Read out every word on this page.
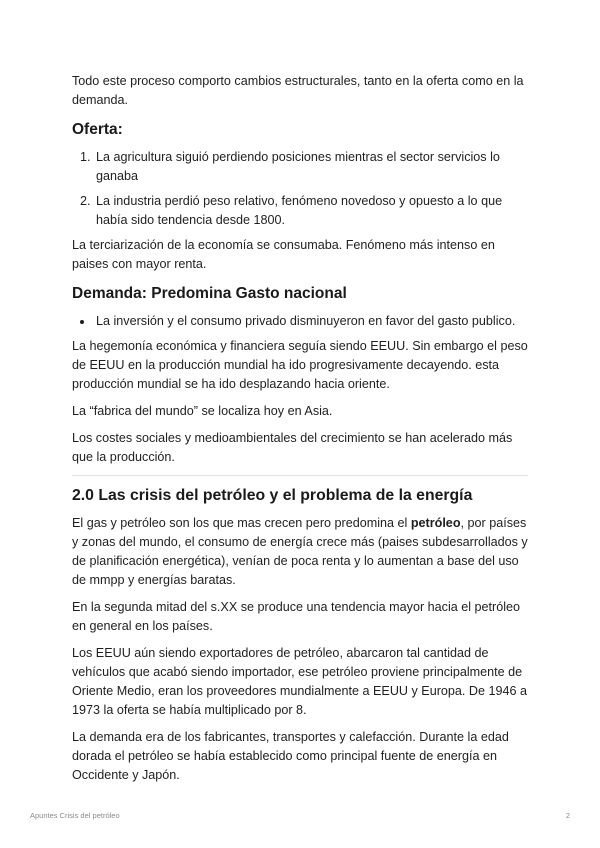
Todo este proceso comporto cambios estructurales, tanto en la oferta como en la demanda.

Oferta:
1. La agricultura siguió perdiendo posiciones mientras el sector servicios lo ganaba
2. La industria perdió peso relativo, fenómeno novedoso y opuesto a lo que había sido tendencia desde 1800.

La terciarización de la economía se consumaba. Fenómeno más intenso en paises con mayor renta.

Demanda: Predomina Gasto nacional
• La inversión y el consumo privado disminuyeron en favor del gasto publico.

La hegemonía económica y financiera seguía siendo EEUU. Sin embargo el peso de EEUU en la producción mundial ha ido progresivamente decayendo. esta producción mundial se ha ido desplazando hacia oriente.

La “fabrica del mundo” se localiza hoy en Asia.

Los costes sociales y medioambientales del crecimiento se han acelerado más que la producción.

2.0 Las crisis del petróleo y el problema de la energía

El gas y petróleo son los que mas crecen pero predomina el petróleo, por países y zonas del mundo, el consumo de energía crece más (paises subdesarrollados y de planificación energética), venían de poca renta y lo aumentan a base del uso de mmpp y energías baratas.

En la segunda mitad del s.XX se produce una tendencia mayor hacia el petróleo en general en los países.

Los EEUU aún siendo exportadores de petróleo, abarcaron tal cantidad de vehículos que acabó siendo importador, ese petróleo proviene principalmente de Oriente Medio, eran los proveedores mundialmente a EEUU y Europa. De 1946 a 1973 la oferta se había multiplicado por 8.

La demanda era de los fabricantes, transportes y calefacción. Durante la edad dorada el petróleo se había establecido como principal fuente de energía en Occidente y Japón.

Apuntes Crisis del petróleo	2
